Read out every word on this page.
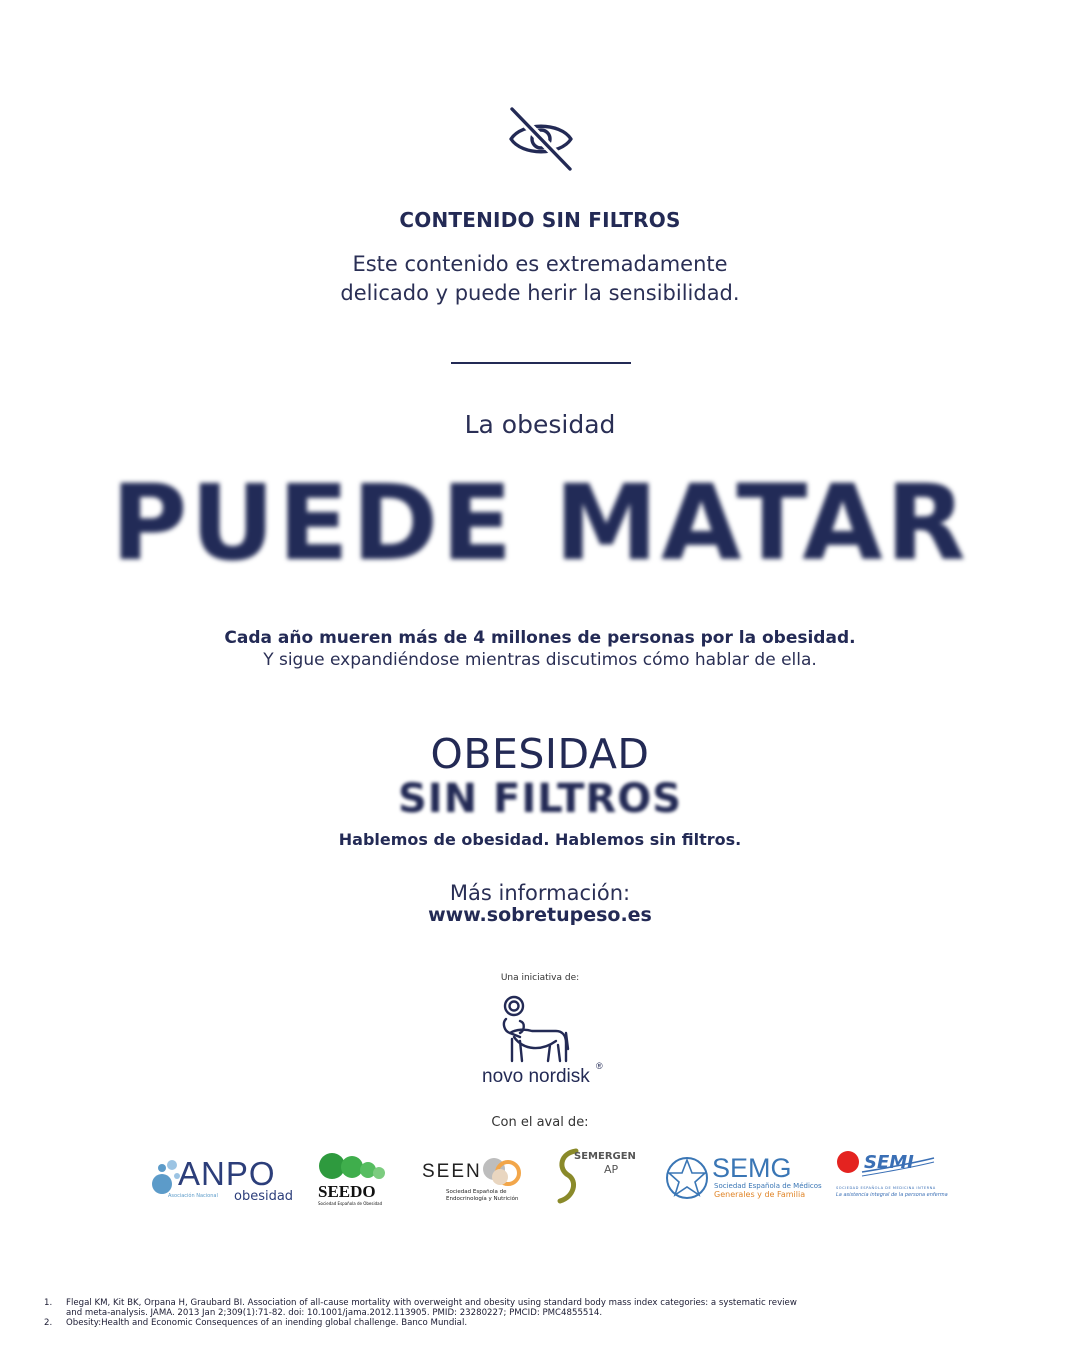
CONTENIDO SIN FILTROS
Este contenido es extremadamente
delicado y puede herir la sensibilidad.
La obesidad
PUEDE MATAR
Cada año mueren más de 4 millones de personas por la obesidad.
Y sigue expandiéndose mientras discutimos cómo hablar de ella.
OBESIDAD
SIN FILTROS
Hablemos de obesidad. Hablemos sin filtros.
Más información:
www.sobretupeso.es
Una iniciativa de:
novo nordisk ®
Con el aval de:
ANPO
Asociación Nacional obesidad SEEDO
Sociedad Española de Obesidad
SEEN
Sociedad Española de
Endocrinología y Nutrición
SEMERGEN
AP	SEMG
Sociedad Española de Médicos
Generales y de Familia
SEMI
SOCIEDAD ESPAÑOLA DE MEDICINA INTERNA
La asistencia integral de la persona enferma
1.	Flegal KM, Kit BK, Orpana H, Graubard BI. Association of all-cause mortality with overweight and obesity using standard body mass index categories: a systematic review
and meta-analysis. JAMA. 2013 Jan 2;309(1):71-82. doi: 10.1001/jama.2012.113905. PMID: 23280227; PMCID: PMC4855514.
2.	Obesity:Health and Economic Consequences of an inending global challenge. Banco Mundial.
